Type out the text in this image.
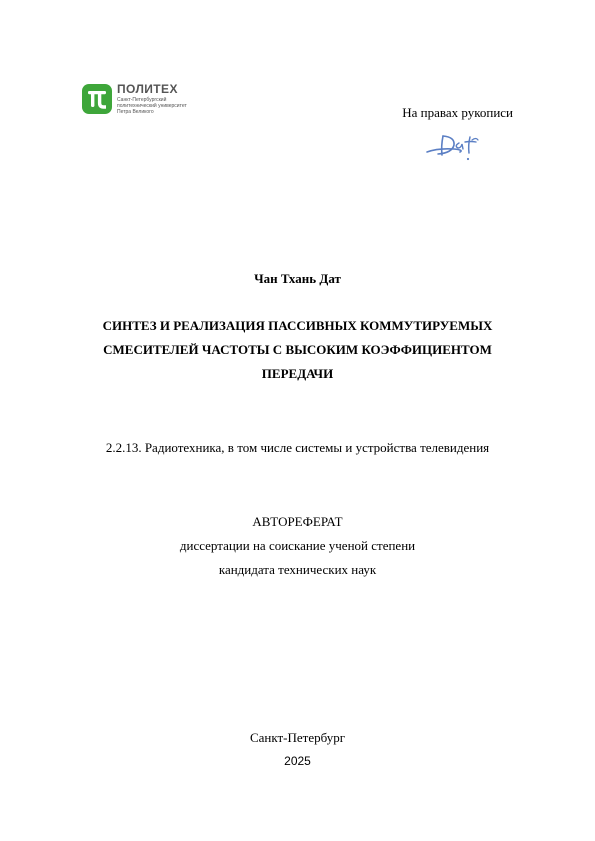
ПОЛИТЕХ
Санкт-Петербургский
политехнический университет
Петра Великого	На правах рукописи
Чан Тхань Дат
СИНТЕЗ И РЕАЛИЗАЦИЯ ПАССИВНЫХ КОММУТИРУЕМЫХ
СМЕСИТЕЛЕЙ ЧАСТОТЫ С ВЫСОКИМ КОЭФФИЦИЕНТОМ
ПЕРЕДАЧИ
2.2.13. Радиотехника, в том числе системы и устройства телевидения
АВТОРЕФЕРАТ
диссертации на соискание ученой степени
кандидата технических наук
Санкт-Петербург
2025
